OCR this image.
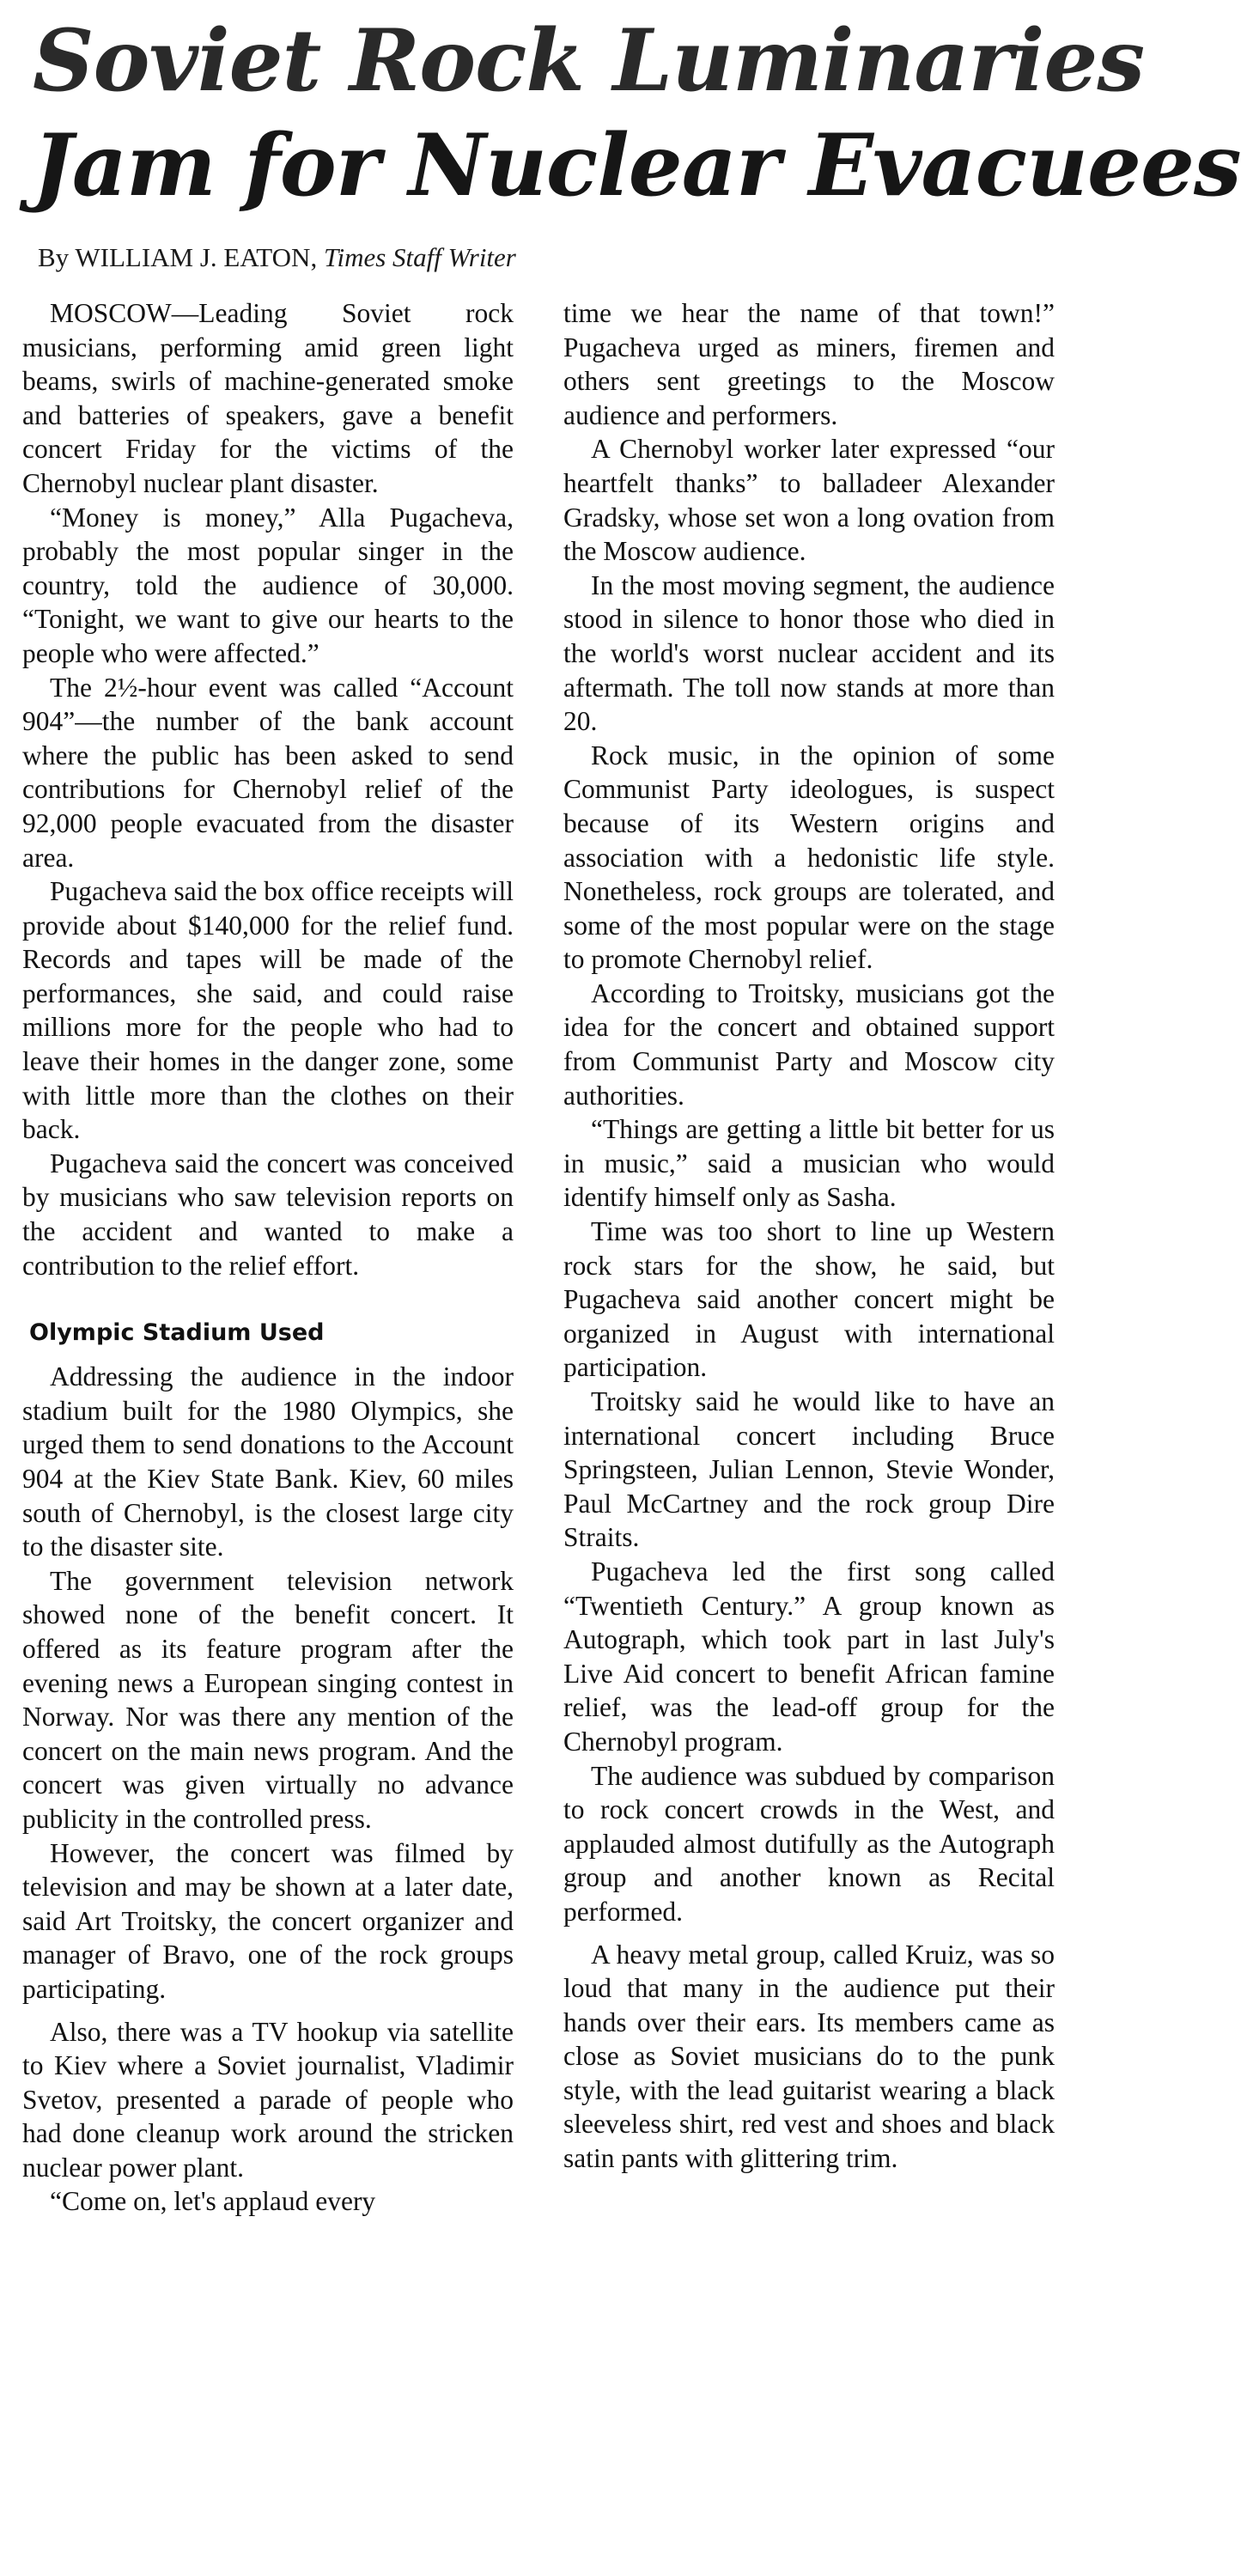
Soviet Rock Luminaries
Jam for Nuclear Evacuees
By WILLIAM J. EATON, Times Staff Writer

MOSCOW—Leading Soviet rock musicians, performing amid green light beams, swirls of machine-generated smoke and batteries of speakers, gave a benefit concert Friday for the victims of the Chernobyl nuclear plant disaster.

“Money is money,” Alla Pugacheva, probably the most popular singer in the country, told the audience of 30,000. “Tonight, we want to give our hearts to the people who were affected.”

The 2½-hour event was called “Account 904”—the number of the bank account where the public has been asked to send contributions for Chernobyl relief of the 92,000 people evacuated from the disaster area.

Pugacheva said the box office receipts will provide about $140,000 for the relief fund. Records and tapes will be made of the performances, she said, and could raise millions more for the people who had to leave their homes in the danger zone, some with little more than the clothes on their back.

Pugacheva said the concert was conceived by musicians who saw television reports on the accident and wanted to make a contribution to the relief effort.

Olympic Stadium Used

Addressing the audience in the indoor stadium built for the 1980 Olympics, she urged them to send donations to the Account 904 at the Kiev State Bank. Kiev, 60 miles south of Chernobyl, is the closest large city to the disaster site.

The government television network showed none of the benefit concert. It offered as its feature program after the evening news a European singing contest in Norway. Nor was there any mention of the concert on the main news program. And the concert was given virtually no advance publicity in the controlled press.

However, the concert was filmed by television and may be shown at a later date, said Art Troitsky, the concert organizer and manager of Bravo, one of the rock groups participating.

Also, there was a TV hookup via satellite to Kiev where a Soviet journalist, Vladimir Svetov, presented a parade of people who had done cleanup work around the stricken nuclear power plant.

“Come on, let's applaud every

time we hear the name of that town!” Pugacheva urged as miners, firemen and others sent greetings to the Moscow audience and performers.

A Chernobyl worker later expressed “our heartfelt thanks” to balladeer Alexander Gradsky, whose set won a long ovation from the Moscow audience.

In the most moving segment, the audience stood in silence to honor those who died in the world's worst nuclear accident and its aftermath. The toll now stands at more than 20.

Rock music, in the opinion of some Communist Party ideologues, is suspect because of its Western origins and association with a hedonistic life style. Nonetheless, rock groups are tolerated, and some of the most popular were on the stage to promote Chernobyl relief.

According to Troitsky, musicians got the idea for the concert and obtained support from Communist Party and Moscow city authorities.

“Things are getting a little bit better for us in music,” said a musician who would identify himself only as Sasha.

Time was too short to line up Western rock stars for the show, he said, but Pugacheva said another concert might be organized in August with international participation.

Troitsky said he would like to have an international concert including Bruce Springsteen, Julian Lennon, Stevie Wonder, Paul McCartney and the rock group Dire Straits.

Pugacheva led the first song called “Twentieth Century.” A group known as Autograph, which took part in last July's Live Aid concert to benefit African famine relief, was the lead-off group for the Chernobyl program.

The audience was subdued by comparison to rock concert crowds in the West, and applauded almost dutifully as the Autograph group and another known as Recital performed.

A heavy metal group, called Kruiz, was so loud that many in the audience put their hands over their ears. Its members came as close as Soviet musicians do to the punk style, with the lead guitarist wearing a black sleeveless shirt, red vest and shoes and black satin pants with glittering trim.
